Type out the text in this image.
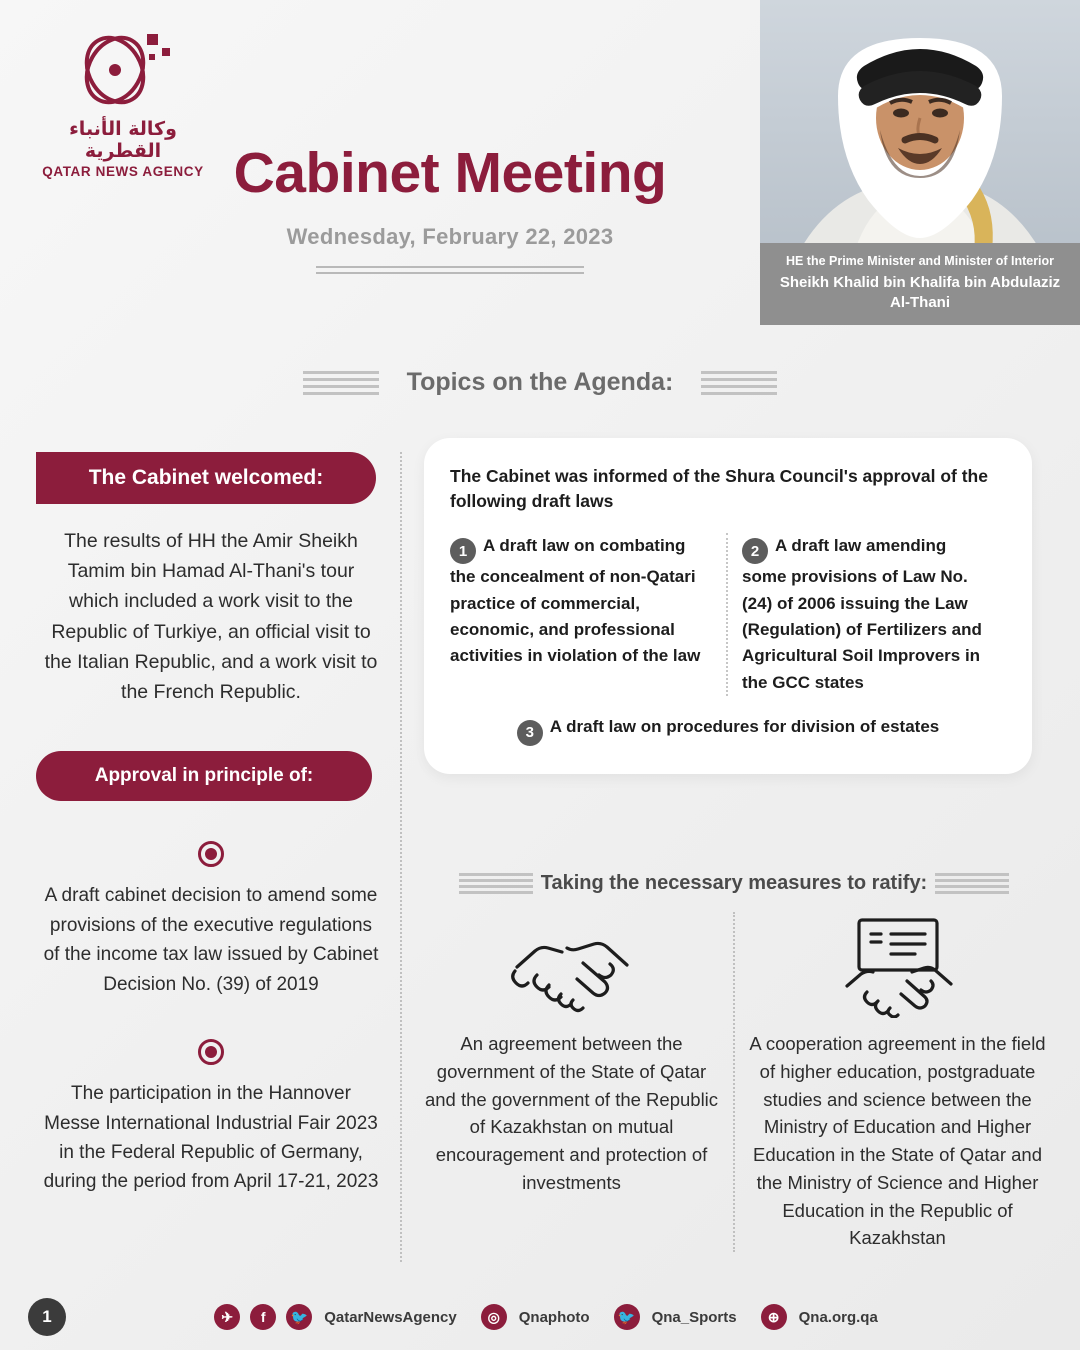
وكالة الأنباء القطرية
QATAR NEWS AGENCY Cabinet Meeting
Wednesday, February 22, 2023
HE the Prime Minister and Minister of Interior
Sheikh Khalid bin Khalifa bin Abdulaziz Al-Thani
Topics on the Agenda:
The Cabinet welcomed:
The results of HH the Amir Sheikh Tamim bin Hamad Al-Thani's tour which included a work visit to the Republic of Turkiye, an official visit to the Italian Republic, and a work visit to the French Republic.
Approval in principle of:
A draft cabinet decision to amend some provisions of the executive regulations of the income tax law issued by Cabinet Decision No. (39) of 2019
The participation in the Hannover Messe International Industrial Fair 2023 in the Federal Republic of Germany, during the period from April 17-21, 2023
The Cabinet was informed of the Shura Council's approval of the following draft laws

1 A draft law on combating the concealment of non-Qatari practice of commercial, economic, and professional activities in violation of the law

2 A draft law amending some provisions of Law No. (24) of 2006 issuing the Law (Regulation) of Fertilizers and Agricultural Soil Improvers in the GCC states

3 A draft law on procedures for division of estates
Taking the necessary measures to ratify:
An agreement between the government of the State of Qatar and the government of the Republic of Kazakhstan on mutual encouragement and protection of investments
A cooperation agreement in the field of higher education, postgraduate studies and science between the Ministry of Education and Higher Education in the State of Qatar and the Ministry of Science and Higher Education in the Republic of Kazakhstan
1	✈	f	🐦 QatarNewsAgency	◎	Qnaphoto	🐦 Qna_Sports	⊕	Qna.org.qa
